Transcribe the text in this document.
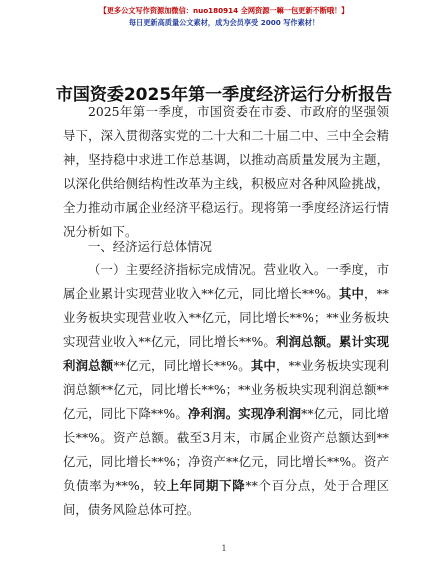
【更多公文写作资源加微信：nuo180914 全网资源一嘛一包更新不断哦！】
每日更新高质量公文素材，成为会员享受 2000 写作素材！
市国资委2025年第一季度经济运行分析报告
2025年第一季度，市国资委在市委、市政府的坚强领导下，深入贯彻落实党的二十大和二十届二中、三中全会精神，坚持稳中求进工作总基调，以推动高质量发展为主题，以深化供给侧结构性改革为主线，积极应对各种风险挑战，全力推动市属企业经济平稳运行。现将第一季度经济运行情况分析如下。
一、经济运行总体情况
（一）主要经济指标完成情况。营业收入。一季度，市属企业累计实现营业收入**亿元，同比增长**%。其中，**业务板块实现营业收入**亿元，同比增长**%；**业务板块实现营业收入**亿元，同比增长**%。利润总额。累计实现利润总额**亿元，同比增长**%。其中，**业务板块实现利润总额**亿元，同比增长**%；**业务板块实现利润总额**亿元，同比下降**%。净利润。实现净利润**亿元，同比增长**%。资产总额。截至3月末，市属企业资产总额达到**亿元，同比增长**%；净资产**亿元，同比增长**%。资产负债率为**%，较上年同期下降**个百分点，处于合理区间，债务风险总体可控。
1
